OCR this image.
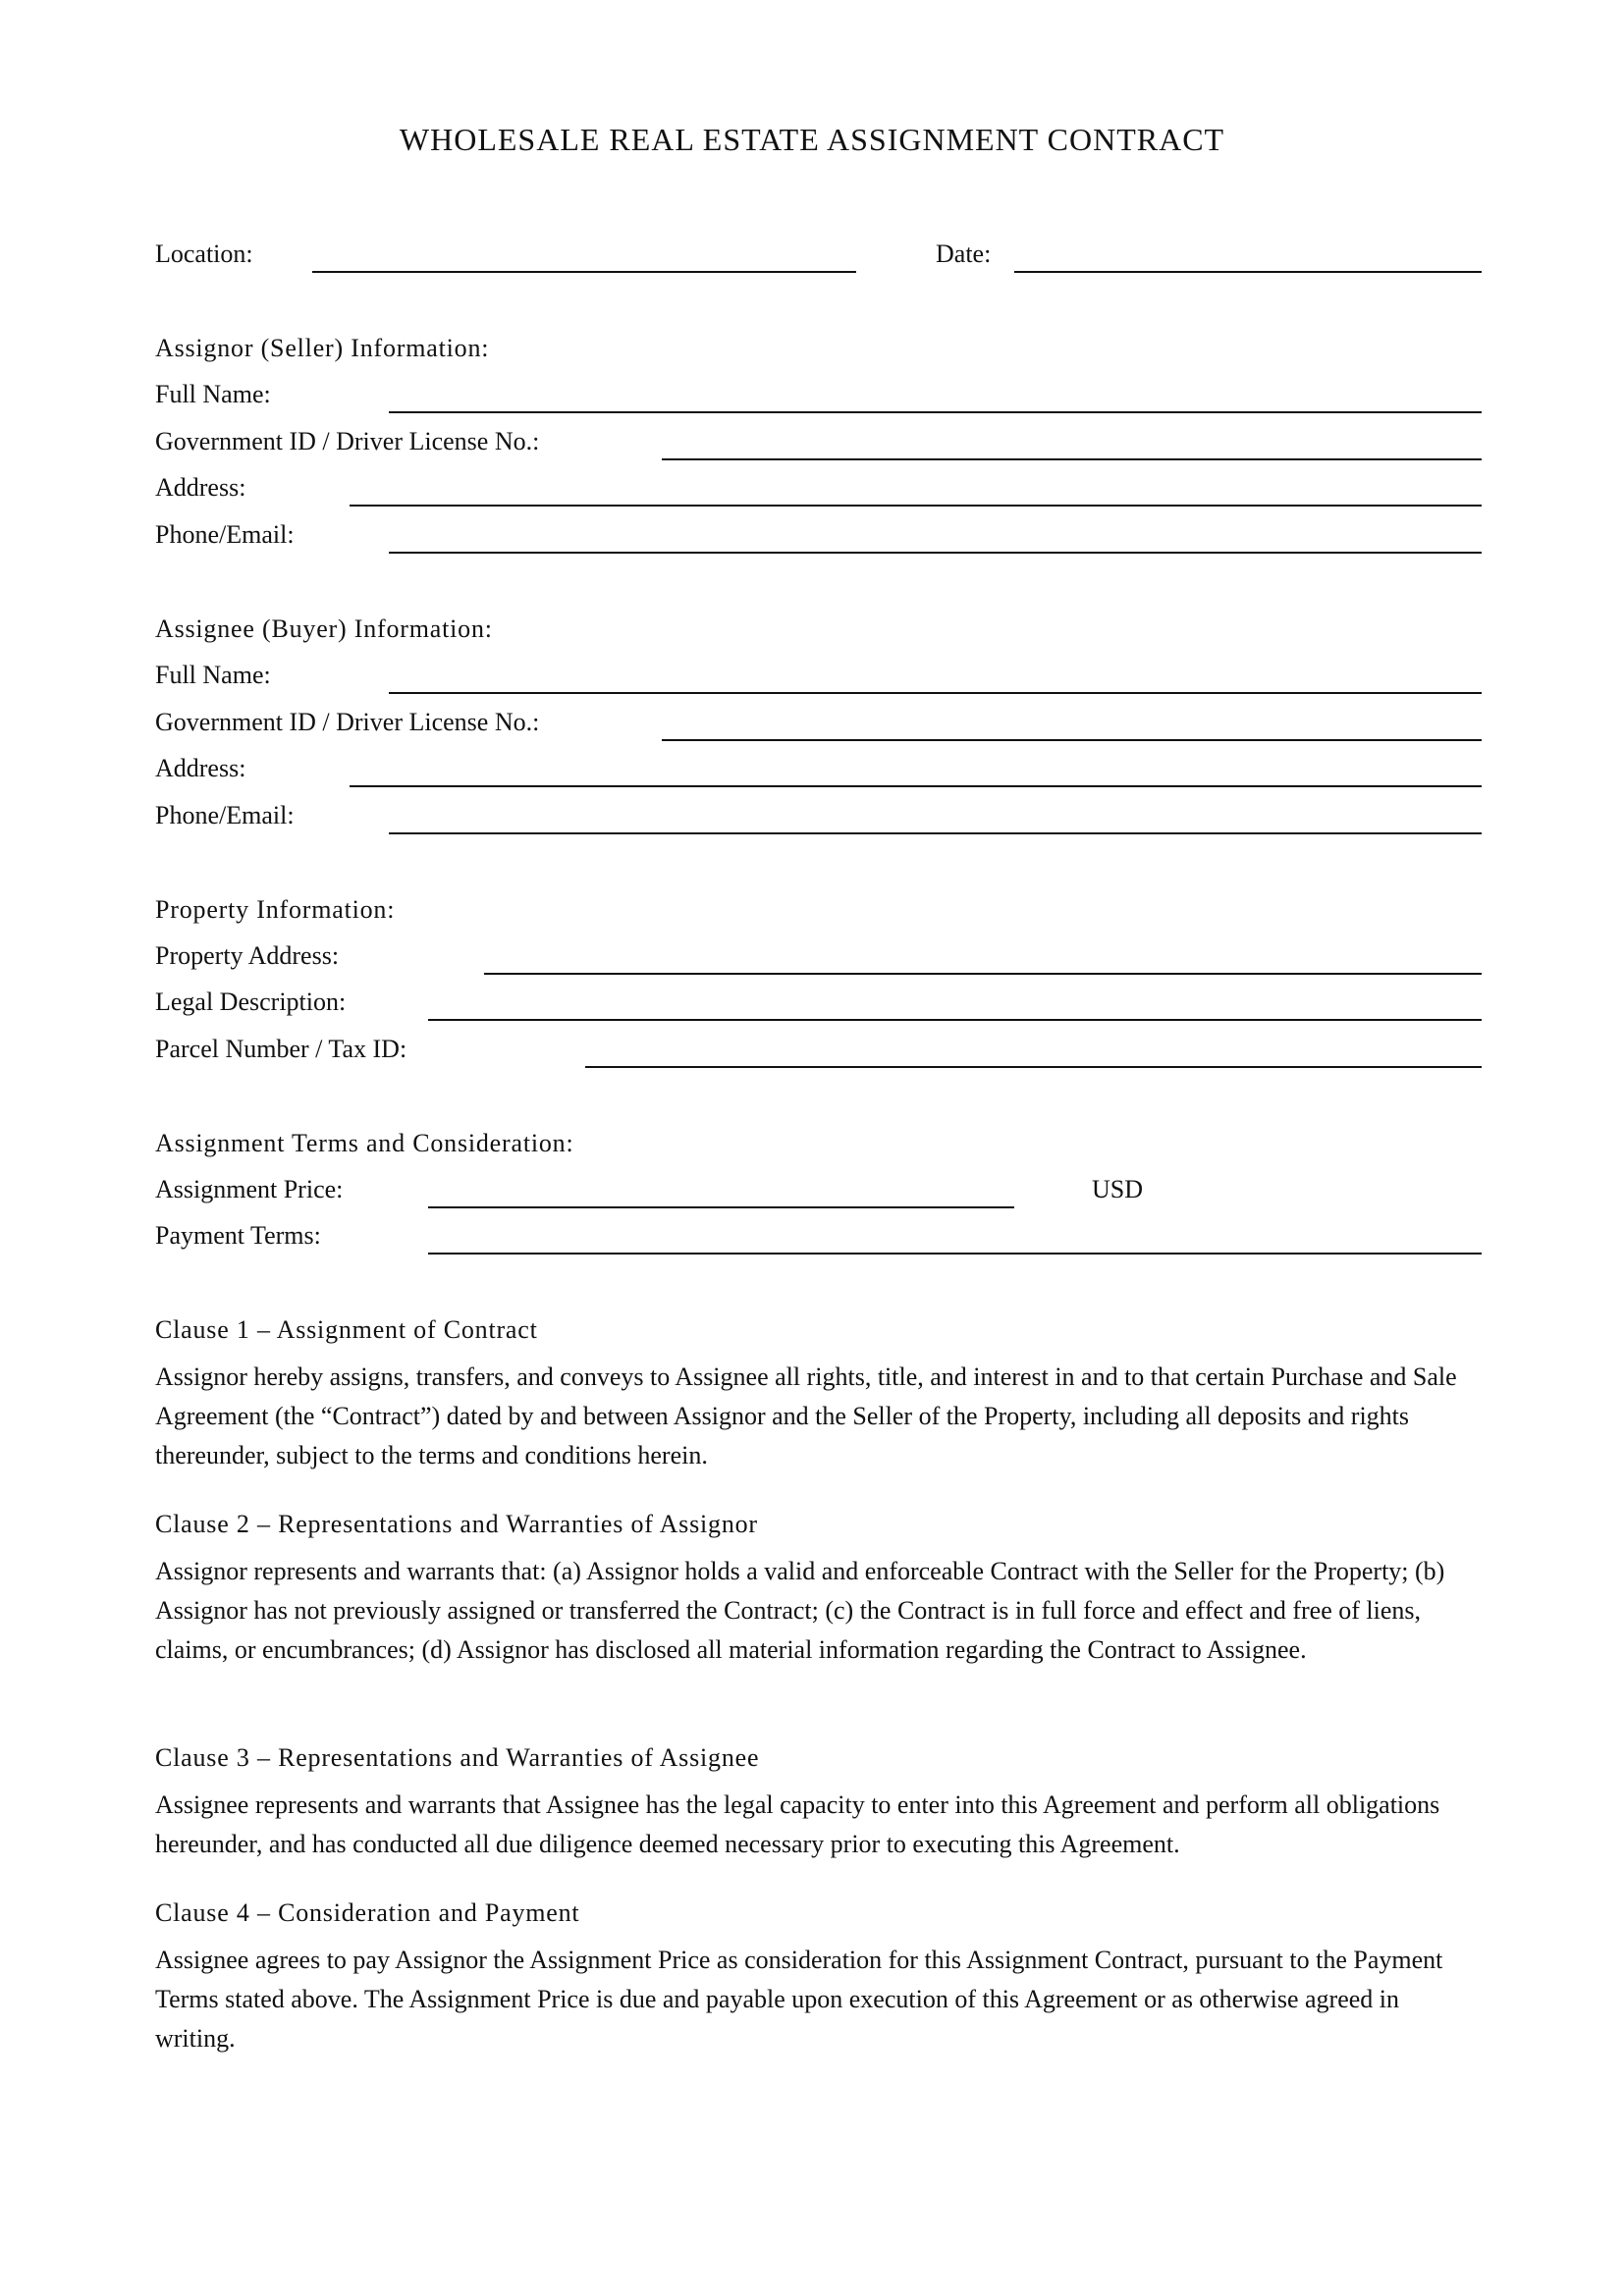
WHOLESALE REAL ESTATE ASSIGNMENT CONTRACT
Location:	Date:
Assignor (Seller) Information:
Full Name:
Government ID / Driver License No.:
Address:
Phone/Email:
Assignee (Buyer) Information:
Full Name:
Government ID / Driver License No.:
Address:
Phone/Email:
Property Information:
Property Address:
Legal Description:
Parcel Number / Tax ID:
Assignment Terms and Consideration:
Assignment Price:	USD
Payment Terms:
Clause 1 – Assignment of Contract

Assignor hereby assigns, transfers, and conveys to Assignee all rights, title, and interest in and to that certain Purchase and Sale Agreement (the “Contract”) dated by and between Assignor and the Seller of the Property, including all deposits and rights thereunder, subject to the terms and conditions herein.

Clause 2 – Representations and Warranties of Assignor

Assignor represents and warrants that: (a) Assignor holds a valid and enforceable Contract with the Seller for the Property; (b) Assignor has not previously assigned or transferred the Contract; (c) the Contract is in full force and effect and free of liens, claims, or encumbrances; (d) Assignor has disclosed all material information regarding the Contract to Assignee.

Clause 3 – Representations and Warranties of Assignee

Assignee represents and warrants that Assignee has the legal capacity to enter into this Agreement and perform all obligations hereunder, and has conducted all due diligence deemed necessary prior to executing this Agreement.

Clause 4 – Consideration and Payment

Assignee agrees to pay Assignor the Assignment Price as consideration for this Assignment Contract, pursuant to the Payment Terms stated above. The Assignment Price is due and payable upon execution of this Agreement or as otherwise agreed in writing.
